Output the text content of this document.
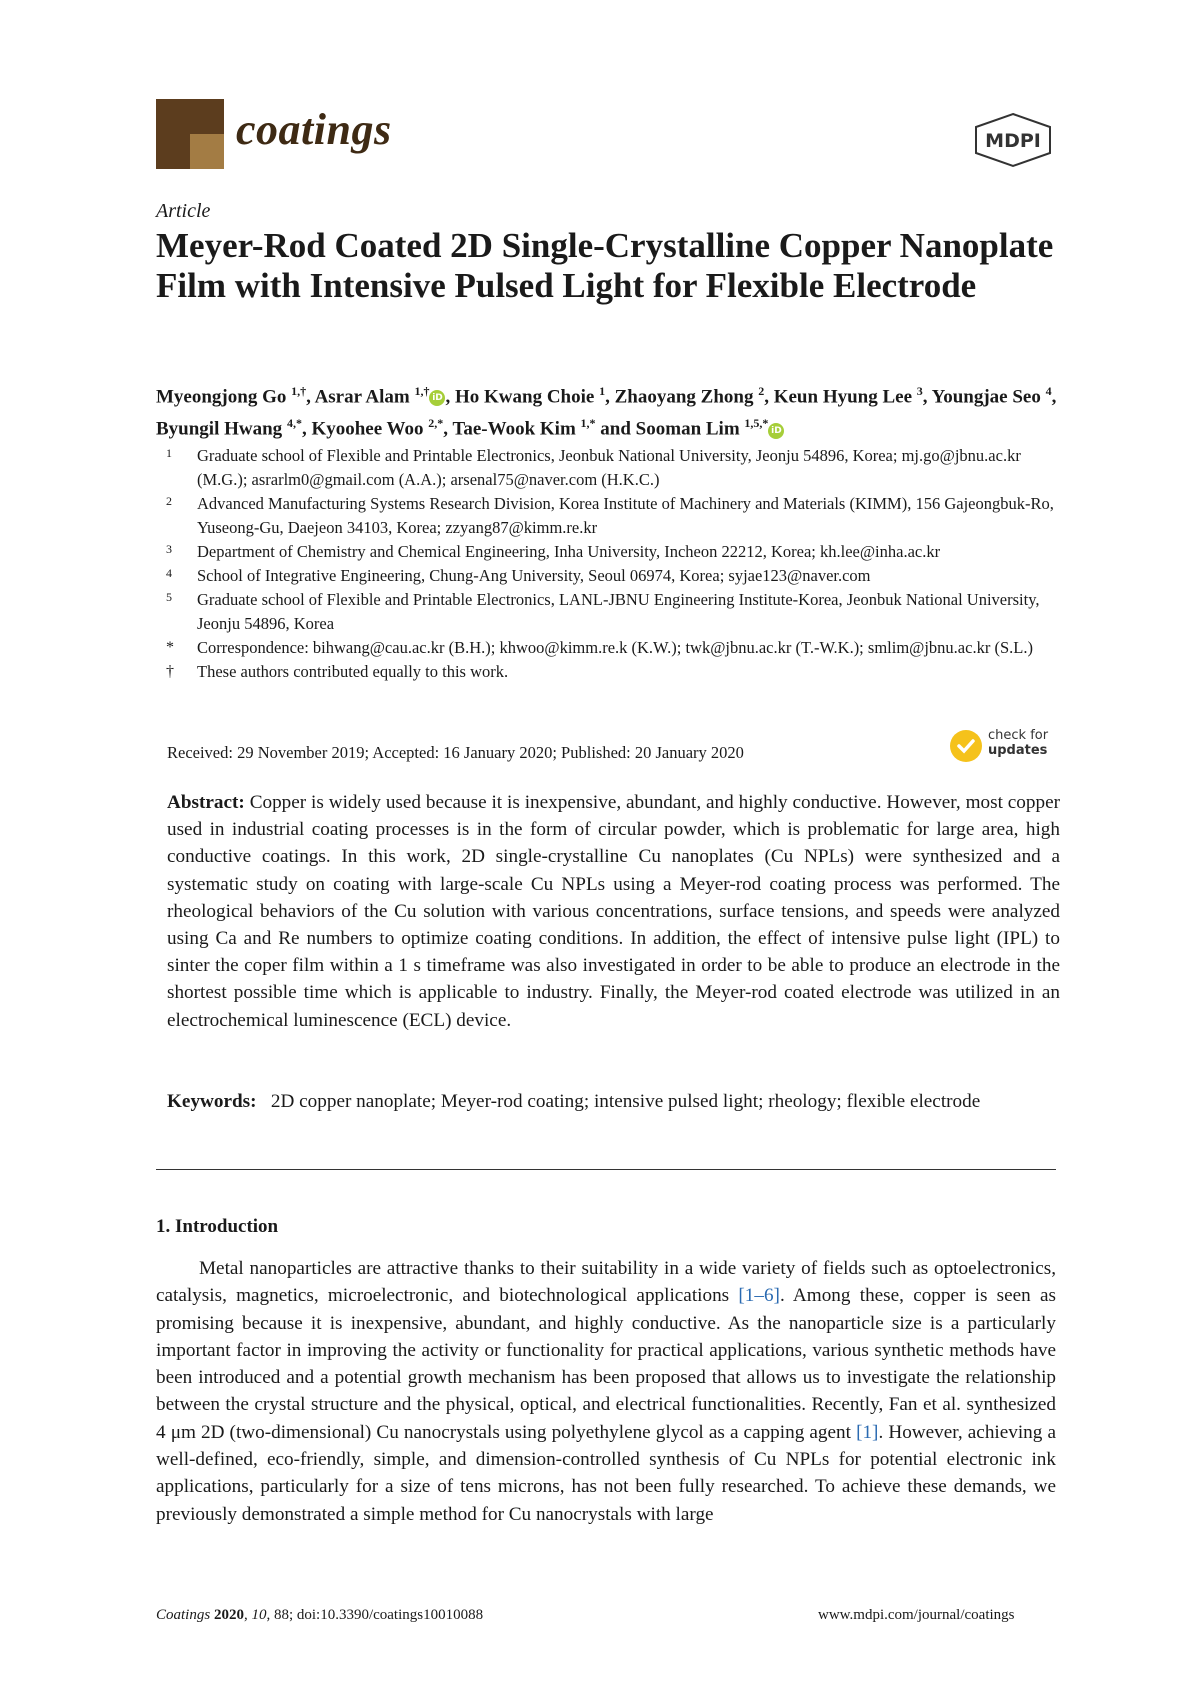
coatings	MDPI
Article
Meyer-Rod Coated 2D Single-Crystalline Copper Nanoplate Film with Intensive Pulsed Light for Flexible Electrode
Myeongjong Go $^{1,\dagger}$, Asrar Alam $^{1,\dagger}$iD , Ho Kwang Choie $^1$, Zhaoyang Zhong $^2$, Keun Hyung Lee $^3$, Youngjae Seo $^4$, Byungil Hwang $^{4,*}$, Kyoohee Woo $^{2,*}$, Tae-Wook Kim $^{1,*}$ and Sooman Lim $^{1,5,*}$iD
1 Graduate school of Flexible and Printable Electronics, Jeonbuk National University, Jeonju 54896, Korea; mj.go@jbnu.ac.kr (M.G.); asrarlm0@gmail.com (A.A.); arsenal75@naver.com (H.K.C.)
2 Advanced Manufacturing Systems Research Division, Korea Institute of Machinery and Materials (KIMM), 156 Gajeongbuk-Ro, Yuseong-Gu, Daejeon 34103, Korea; zzyang87@kimm.re.kr
3 Department of Chemistry and Chemical Engineering, Inha University, Incheon 22212, Korea; kh.lee@inha.ac.kr
4 School of Integrative Engineering, Chung-Ang University, Seoul 06974, Korea; syjae123@naver.com
5 Graduate school of Flexible and Printable Electronics, LANL-JBNU Engineering Institute-Korea, Jeonbuk National University, Jeonju 54896, Korea
* Correspondence: bihwang@cau.ac.kr (B.H.); khwoo@kimm.re.k (K.W.); twk@jbnu.ac.kr (T.-W.K.); smlim@jbnu.ac.kr (S.L.)
† These authors contributed equally to this work.
Received: 29 November 2019; Accepted: 16 January 2020; Published: 20 January 2020
check for
updates
Abstract: Copper is widely used because it is inexpensive, abundant, and highly conductive. However, most copper used in industrial coating processes is in the form of circular powder, which is problematic for large area, high conductive coatings. In this work, 2D single-crystalline Cu nanoplates (Cu NPLs) were synthesized and a systematic study on coating with large-scale Cu NPLs using a Meyer-rod coating process was performed. The rheological behaviors of the Cu solution with various concentrations, surface tensions, and speeds were analyzed using Ca and Re numbers to optimize coating conditions. In addition, the effect of intensive pulse light (IPL) to sinter the coper film within a 1 s timeframe was also investigated in order to be able to produce an electrode in the shortest possible time which is applicable to industry. Finally, the Meyer-rod coated electrode was utilized in an electrochemical luminescence (ECL) device.
Keywords: 2D copper nanoplate; Meyer-rod coating; intensive pulsed light; rheology; flexible electrode
1. Introduction
Metal nanoparticles are attractive thanks to their suitability in a wide variety of fields such as optoelectronics, catalysis, magnetics, microelectronic, and biotechnological applications [1–6]. Among these, copper is seen as promising because it is inexpensive, abundant, and highly conductive. As the nanoparticle size is a particularly important factor in improving the activity or functionality for practical applications, various synthetic methods have been introduced and a potential growth mechanism has been proposed that allows us to investigate the relationship between the crystal structure and the physical, optical, and electrical functionalities. Recently, Fan et al. synthesized 4 μm 2D (two-dimensional) Cu nanocrystals using polyethylene glycol as a capping agent [1]. However, achieving a well-defined, eco-friendly, simple, and dimension-controlled synthesis of Cu NPLs for potential electronic ink applications, particularly for a size of tens microns, has not been fully researched. To achieve these demands, we previously demonstrated a simple method for Cu nanocrystals with large
Coatings 2020, 10, 88; doi:10.3390/coatings10010088	www.mdpi.com/journal/coatings
